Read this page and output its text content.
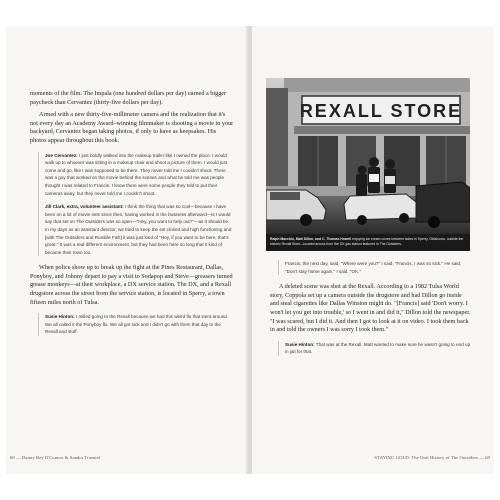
moments of the film. The Impala (one hundred dollars per day) earned a bigger paycheck than Cervantez (thirty-five dollars per day).

Armed with a new thirty-five-millimeter camera and the realization that it's not every day an Academy Award–winning filmmaker is shooting a movie in your backyard, Cervantez began taking photos, if only to have as keepsakes. His photos appear throughout this book.

Joe Cervantez: I just boldly walked into the makeup trailer like I owned the place. I would walk up to whoever was sitting in a makeup chair and shoot a picture of them. I would just come and go, like I was supposed to be there. They never told me I couldn't shoot. There was a guy that worked on the movie behind the scenes and what he told me was people thought I was related to Francis. I know there were some people they told to put their cameras away, but they never told me I couldn't shoot.

Jill Clark, extra, volunteer assistant: I think the thing that was so cool—because I have been on a lot of movie sets since then, having worked in the business afterward—is I would say that set on The Outsiders was so open—"Hey, you want to help out?"—as it should be. In my days as an assistant director, we tried to keep the set closed and high functioning and [with The Outsiders and Rumble Fish] it was just kind of "Hey, if you want to be here, that's great." It was a real different environment, but they had been here so long that it kind of became their town too.

When police show up to break up the fight at the Pines Restaurant, Dallas, Ponyboy, and Johnny depart to pay a visit to Sodapop and Steve—greasers turned grease monkeys—at their workplace, a DX service station. The DX, and a Rexall drugstore across the street from the service station, is located in Sperry, a town fifteen miles north of Tulsa.

Susie Hinton: I milled going to the Rexall because we had this weird flu that went around. We all called it the Ponyboy flu. We all got sick and I didn't go with them that day to the Rexall and stuff.

REXALL STORE
Ralph Macchio, Matt Dillon, and C. Thomas Howell enjoying ice cream cones between takes in Sperry, Oklahoma, outside the historic Rexall Store—located across from the DX gas station featured in The Outsiders.

Francis, the next day, said, "Where were you?" I said, "Francis, I was so sick." He said, "Don't stay home again." I said, "OK."

A deleted scene was shot at the Rexall. According to a 1982 Tulsa World story, Coppola set up a camera outside the drugstore and had Dillon go inside and steal cigarettes like Dallas Winston might do. "[Francis] said 'Don't worry. I won't let you get into trouble,' so I went in and did it," Dillon told the newspaper. "I was scared, but I did it. And then I got to look at it on video. I took them back in and told the owners I was sorry I took them."

Susie Hinton: That was at the Rexall. Matt wanted to make sure he wasn't going to end up in jail for that.

68 — Danny Rey O'Connor & Sandra Traeutel	STAYING GOLD: The Oral History of The Outsiders — 69
